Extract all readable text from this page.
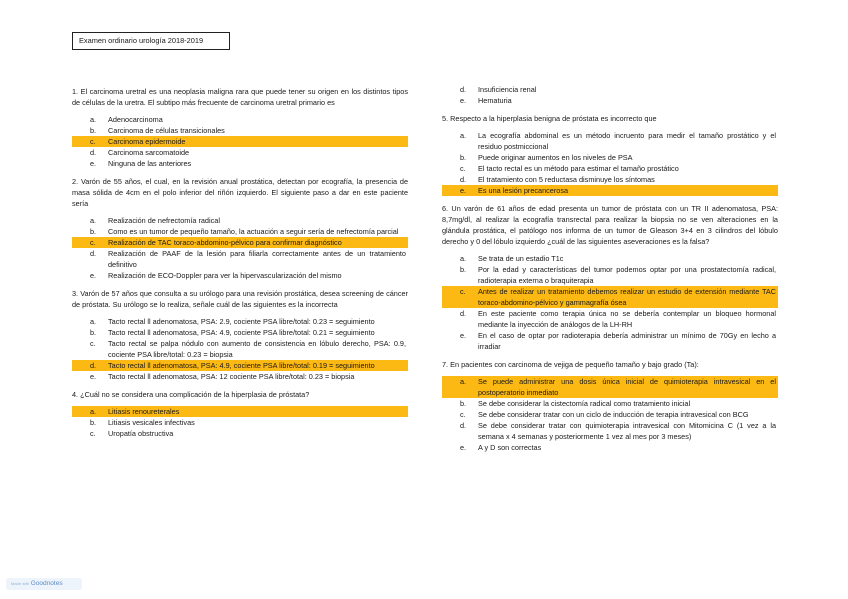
Examen ordinario urología 2018-2019

1. El carcinoma uretral es una neoplasia maligna rara que puede tener su origen en los distintos tipos de células de la uretra. El subtipo más frecuente de carcinoma uretral primario es

a. Adenocarcinoma
b. Carcinoma de células transicionales
c. Carcinoma epidermoide
d. Carcinoma sarcomatoide
e. Ninguna de las anteriores

2. Varón de 55 años, el cual, en la revisión anual prostática, detectan por ecografía, la presencia de masa sólida de 4cm en el polo inferior del riñón izquierdo. El siguiente paso a dar en este paciente sería

a. Realización de nefrectomía radical
b. Como es un tumor de pequeño tamaño, la actuación a seguir sería de nefrectomía parcial
c. Realización de TAC toraco-abdomino-pélvico para confirmar diagnóstico
d. Realización de PAAF de la lesión para filiarla correctamente antes de un tratamiento definitivo
e. Realización de ECO-Doppler para ver la hipervascularización del mismo

3. Varón de 57 años que consulta a su urólogo para una revisión prostática, desea screening de cáncer de próstata. Su urólogo se lo realiza, señale cuál de las siguientes es la incorrecta

a. Tacto rectal ll adenomatosa, PSA: 2.9, cociente PSA libre/total: 0.23 = seguimiento
b. Tacto rectal ll adenomatosa, PSA: 4.9, cociente PSA libre/total: 0.21 = seguimiento
c. Tacto rectal se palpa nódulo con aumento de consistencia en lóbulo derecho, PSA: 0.9, cociente PSA libre/total: 0.23 = biopsia
d. Tacto rectal ll adenomatosa, PSA: 4.9, cociente PSA libre/total: 0.19 = seguimiento
e. Tacto rectal ll adenomatosa, PSA: 12 cociente PSA libre/total: 0.23 = biopsia

4. ¿Cuál no se considera una complicación de la hiperplasia de próstata?

a. Litiasis renoureterales
b. Litiasis vesicales infectivas
c. Uropatía obstructiva
d. Insuficiencia renal
e. Hematuria

5. Respecto a la hiperplasia benigna de próstata es incorrecto que

a. La ecografía abdominal es un método incruento para medir el tamaño prostático y el residuo postmiccional
b. Puede originar aumentos en los niveles de PSA
c. El tacto rectal es un método para estimar el tamaño prostático
d. El tratamiento con 5 reductasa disminuye los síntomas
e. Es una lesión precancerosa

6. Un varón de 61 años de edad presenta un tumor de próstata con un TR II adenomatosa, PSA: 8,7mg/dl, al realizar la ecografía transrectal para realizar la biopsia no se ven alteraciones en la glándula prostática, el patólogo nos informa de un tumor de Gleason 3+4 en 3 cilindros del lóbulo derecho y 0 del lóbulo izquierdo ¿cuál de las siguientes aseveraciones es la falsa?

a. Se trata de un estadio T1c
b. Por la edad y características del tumor podemos optar por una prostatectomía radical, radioterapia externa o braquiterapia
c. Antes de realizar un tratamiento debemos realizar un estudio de extensión mediante TAC toraco-abdomino-pélvico y gammagrafía ósea
d. En este paciente como terapia única no se debería contemplar un bloqueo hormonal mediante la inyección de análogos de la LH-RH
e. En el caso de optar por radioterapia debería administrar un mínimo de 70Gy en lecho a irradiar

7. En pacientes con carcinoma de vejiga de pequeño tamaño y bajo grado (Ta):

a. Se puede administrar una dosis única inicial de quimioterapia intravesical en el postoperatorio inmediato
b. Se debe considerar la cistectomía radical como tratamiento inicial
c. Se debe considerar tratar con un ciclo de inducción de terapia intravesical con BCG
d. Se debe considerar tratar con quimioterapia intravesical con Mitomicina C (1 vez a la semana x 4 semanas y posteriormente 1 vez al mes por 3 meses)
e. A y D son correctas
Made with Goodnotes
